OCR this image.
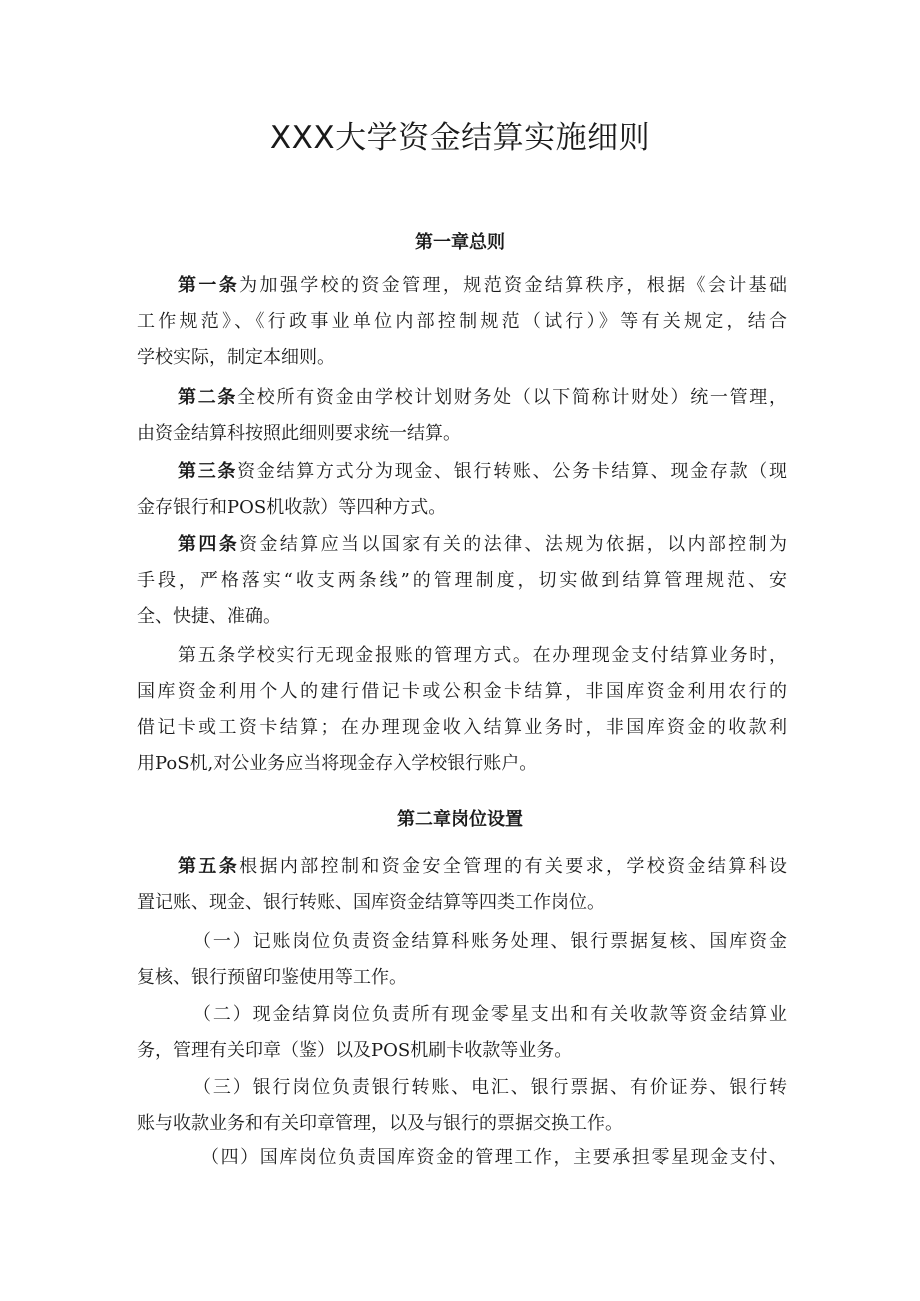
XXX大学资金结算实施细则
第一章总则

第一条为加强学校的资金管理，规范资金结算秩序，根据《会计基础
工作规范》、《行政事业单位内部控制规范（试行）》等有关规定，结合
学校实际，制定本细则。

第二条全校所有资金由学校计划财务处（以下简称计财处）统一管理，
由资金结算科按照此细则要求统一结算。

第三条资金结算方式分为现金、银行转账、公务卡结算、现金存款（现
金存银行和POS机收款）等四种方式。

第四条资金结算应当以国家有关的法律、法规为依据，以内部控制为
手段，严格落实“收支两条线”的管理制度，切实做到结算管理规范、安
全、快捷、准确。

第五条学校实行无现金报账的管理方式。在办理现金支付结算业务时，
国库资金利用个人的建行借记卡或公积金卡结算，非国库资金利用农行的
借记卡或工资卡结算；在办理现金收入结算业务时，非国库资金的收款利
用PoS机,对公业务应当将现金存入学校银行账户。

第二章岗位设置

第五条根据内部控制和资金安全管理的有关要求，学校资金结算科设
置记账、现金、银行转账、国库资金结算等四类工作岗位。

（一）记账岗位负责资金结算科账务处理、银行票据复核、国库资金
复核、银行预留印鉴使用等工作。

（二）现金结算岗位负责所有现金零星支出和有关收款等资金结算业
务，管理有关印章（鉴）以及POS机刷卡收款等业务。

（三）银行岗位负责银行转账、电汇、银行票据、有价证券、银行转
账与收款业务和有关印章管理，以及与银行的票据交换工作。

（四）国库岗位负责国库资金的管理工作，主要承担零星现金支付、
